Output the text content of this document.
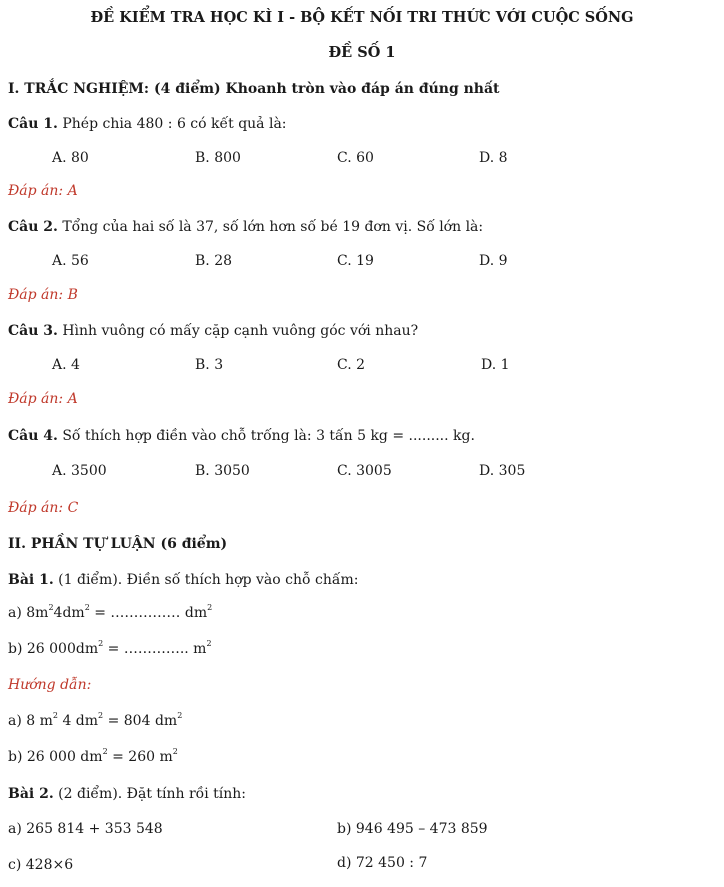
ĐỀ KIỂM TRA HỌC KÌ I - BỘ KẾT NỐI TRI THỨC VỚI CUỘC SỐNG
ĐỀ SỐ 1
I. TRẮC NGHIỆM: (4 điểm) Khoanh tròn vào đáp án đúng nhất
Câu 1. Phép chia 480 : 6 có kết quả là:
A. 80	B. 800	C. 60	D. 8
Đáp án: A
Câu 2. Tổng của hai số là 37, số lớn hơn số bé 19 đơn vị. Số lớn là:
A. 56	B. 28	C. 19	D. 9
Đáp án: B
Câu 3. Hình vuông có mấy cặp cạnh vuông góc với nhau?
A. 4	B. 3	C. 2	D. 1
Đáp án: A
Câu 4. Số thích hợp điền vào chỗ trống là: 3 tấn 5 kg = ......... kg.
A. 3500	B. 3050	C. 3005	D. 305
Đáp án: C
II. PHẦN TỰ LUẬN (6 điểm)
Bài 1. (1 điểm). Điền số thích hợp vào chỗ chấm:
a) $8m^24dm^2$ = …………… $dm^2$
b) 26 $000dm^2$ = ………….. $m^2$
Hướng dẫn:
a) 8 $m^2$ 4 $dm^2 = 804$ $dm^2$
b) 26 000 $dm^2 = 260$ $m^2$
Bài 2. (2 điểm). Đặt tính rồi tính:
a) 265 814 + 353 548	b) 946 495 – 473 859
c) 428×6	d) 72 450 : 7
